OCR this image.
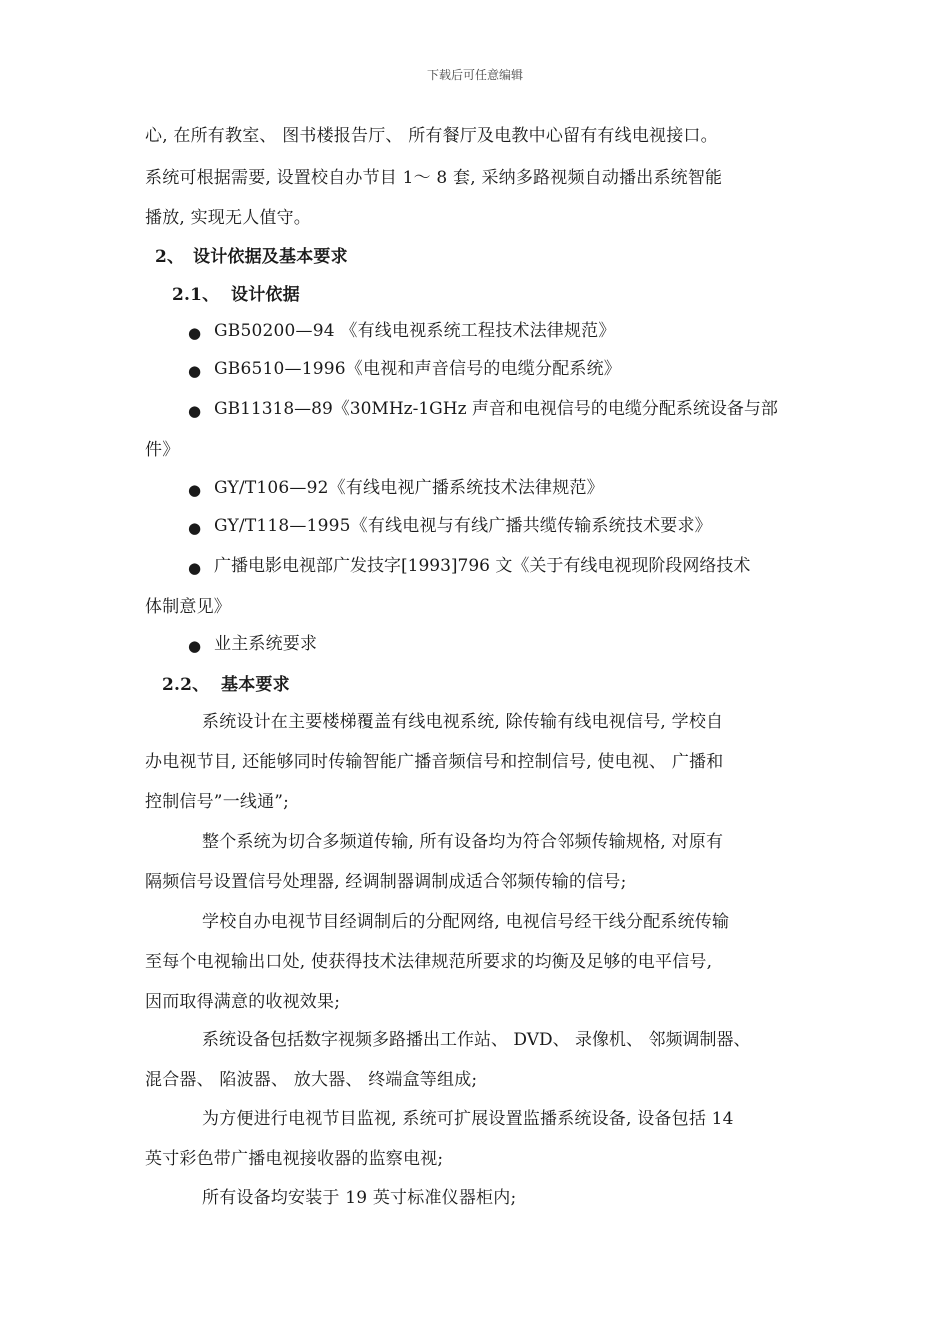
下载后可任意编辑
心, 在所有教室、 图书楼报告厅、 所有餐厅及电教中心留有有线电视接口。
系统可根据需要, 设置校自办节目 1～ 8 套, 采纳多路视频自动播出系统智能
播放, 实现无人值守。
2、 设计依据及基本要求
2.1、 设计依据
● GB50200—94 《有线电视系统工程技术法律规范》
● GB6510—1996《电视和声音信号的电缆分配系统》
● GB11318—89《30MHz-1GHz 声音和电视信号的电缆分配系统设备与部
件》
● GY/T106—92《有线电视广播系统技术法律规范》
● GY/T118—1995《有线电视与有线广播共缆传输系统技术要求》
● 广播电影电视部广发技字[1993]796 文《关于有线电视现阶段网络技术
体制意见》
● 业主系统要求
2.2、 基本要求
系统设计在主要楼梯覆盖有线电视系统, 除传输有线电视信号, 学校自
办电视节目, 还能够同时传输智能广播音频信号和控制信号, 使电视、 广播和
控制信号”一线通”;
整个系统为切合多频道传输, 所有设备均为符合邻频传输规格, 对原有
隔频信号设置信号处理器, 经调制器调制成适合邻频传输的信号;
学校自办电视节目经调制后的分配网络, 电视信号经干线分配系统传输
至每个电视输出口处, 使获得技术法律规范所要求的均衡及足够的电平信号,
因而取得满意的收视效果;
系统设备包括数字视频多路播出工作站、 DVD、 录像机、 邻频调制器、
混合器、 陷波器、 放大器、 终端盒等组成;
为方便进行电视节目监视, 系统可扩展设置监播系统设备, 设备包括 14
英寸彩色带广播电视接收器的监察电视;
所有设备均安装于 19 英寸标准仪器柜内;
